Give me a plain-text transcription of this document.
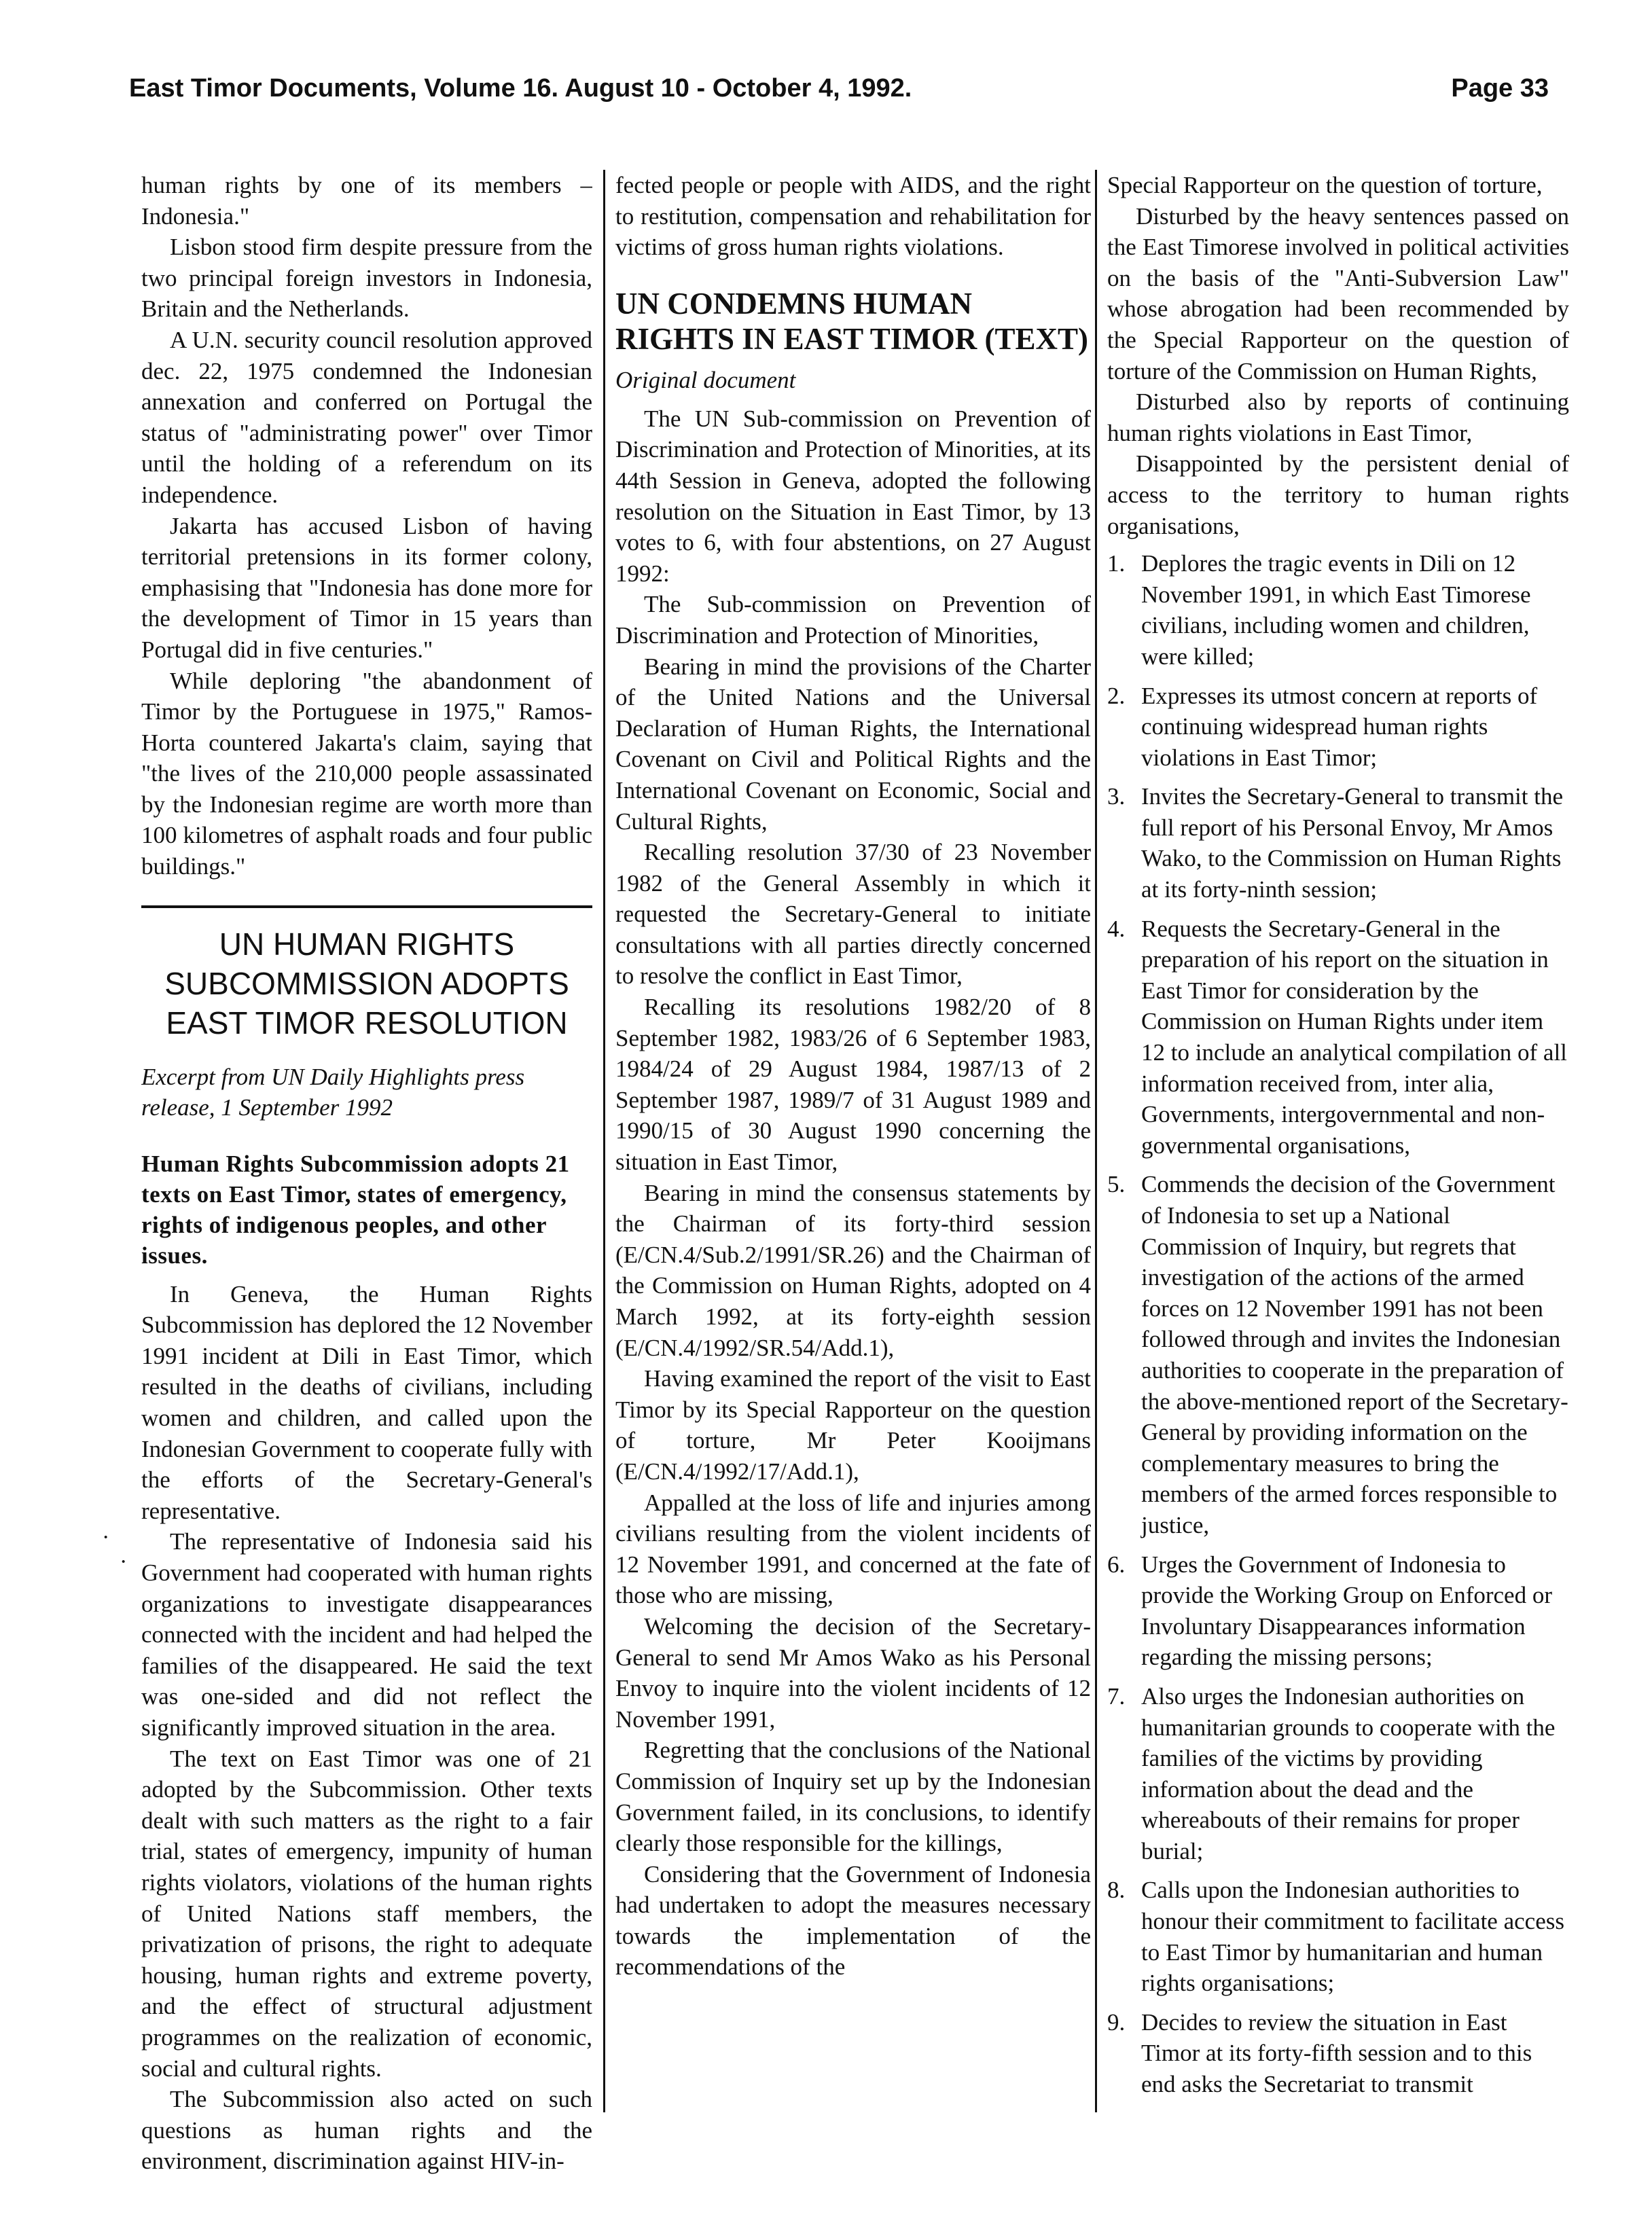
East Timor Documents, Volume 16. August 10 - October 4, 1992.	Page 33
·
·

human rights by one of its members – Indonesia."

Lisbon stood firm despite pressure from the two principal foreign investors in Indonesia, Britain and the Netherlands.

A U.N. security council resolution approved dec. 22, 1975 condemned the Indonesian annexation and conferred on Portugal the status of "administrating power" over Timor until the holding of a referendum on its independence.

Jakarta has accused Lisbon of having territorial pretensions in its former colony, emphasising that "Indonesia has done more for the development of Timor in 15 years than Portugal did in five centuries."

While deploring "the abandonment of Timor by the Portuguese in 1975," Ramos-Horta countered Jakarta's claim, saying that "the lives of the 210,000 people assassinated by the Indonesian regime are worth more than 100 kilometres of asphalt roads and four public buildings."

UN HUMAN RIGHTS SUBCOMMISSION ADOPTS EAST TIMOR RESOLUTION

Excerpt from UN Daily Highlights press release, 1 September 1992

Human Rights Subcommission adopts 21 texts on East Timor, states of emergency, rights of indigenous peoples, and other issues.

In Geneva, the Human Rights Subcommission has deplored the 12 November 1991 incident at Dili in East Timor, which resulted in the deaths of civilians, including women and children, and called upon the Indonesian Government to cooperate fully with the efforts of the Secretary-General's representative.

The representative of Indonesia said his Government had cooperated with human rights organizations to investigate disappearances connected with the incident and had helped the families of the disappeared. He said the text was one-sided and did not reflect the significantly improved situation in the area.

The text on East Timor was one of 21 adopted by the Subcommission. Other texts dealt with such matters as the right to a fair trial, states of emergency, impunity of human rights violators, violations of the human rights of United Nations staff members, the privatization of prisons, the right to adequate housing, human rights and extreme poverty, and the effect of structural adjustment programmes on the realization of economic, social and cultural rights.

The Subcommission also acted on such questions as human rights and the environment, discrimination against HIV-in-

fected people or people with AIDS, and the right to restitution, compensation and rehabilitation for victims of gross human rights violations.

UN CONDEMNS HUMAN RIGHTS IN EAST TIMOR (TEXT)

Original document

The UN Sub-commission on Prevention of Discrimination and Protection of Minorities, at its 44th Session in Geneva, adopted the following resolution on the Situation in East Timor, by 13 votes to 6, with four abstentions, on 27 August 1992:

The Sub-commission on Prevention of Discrimination and Protection of Minorities,

Bearing in mind the provisions of the Charter of the United Nations and the Universal Declaration of Human Rights, the International Covenant on Civil and Political Rights and the International Covenant on Economic, Social and Cultural Rights,

Recalling resolution 37/30 of 23 November 1982 of the General Assembly in which it requested the Secretary-General to initiate consultations with all parties directly concerned to resolve the conflict in East Timor,

Recalling its resolutions 1982/20 of 8 September 1982, 1983/26 of 6 September 1983, 1984/24 of 29 August 1984, 1987/13 of 2 September 1987, 1989/7 of 31 August 1989 and 1990/15 of 30 August 1990 concerning the situation in East Timor,

Bearing in mind the consensus statements by the Chairman of its forty-third session (E/CN.4/Sub.2/1991/SR.26) and the Chairman of the Commission on Human Rights, adopted on 4 March 1992, at its forty-eighth session (E/CN.4/1992/SR.54/Add.1),

Having examined the report of the visit to East Timor by its Special Rapporteur on the question of torture, Mr Peter Kooijmans (E/CN.4/1992/17/Add.1),

Appalled at the loss of life and injuries among civilians resulting from the violent incidents of 12 November 1991, and concerned at the fate of those who are missing,

Welcoming the decision of the Secretary-General to send Mr Amos Wako as his Personal Envoy to inquire into the violent incidents of 12 November 1991,

Regretting that the conclusions of the National Commission of Inquiry set up by the Indonesian Government failed, in its conclusions, to identify clearly those responsible for the killings,

Considering that the Government of Indonesia had undertaken to adopt the measures necessary towards the implementation of the recommendations of the

Special Rapporteur on the question of torture,

Disturbed by the heavy sentences passed on the East Timorese involved in political activities on the basis of the "Anti-Subversion Law" whose abrogation had been recommended by the Special Rapporteur on the question of torture of the Commission on Human Rights,

Disturbed also by reports of continuing human rights violations in East Timor,

Disappointed by the persistent denial of access to the territory to human rights organisations,

1. Deplores the tragic events in Dili on 12 November 1991, in which East Timorese civilians, including women and children, were killed;
2. Expresses its utmost concern at reports of continuing widespread human rights violations in East Timor;
3. Invites the Secretary-General to transmit the full report of his Personal Envoy, Mr Amos Wako, to the Commission on Human Rights at its forty-ninth session;
4. Requests the Secretary-General in the preparation of his report on the situation in East Timor for consideration by the Commission on Human Rights under item 12 to include an analytical compilation of all information received from, inter alia, Governments, intergovernmental and non-governmental organisations,
5. Commends the decision of the Government of Indonesia to set up a National Commission of Inquiry, but regrets that investigation of the actions of the armed forces on 12 November 1991 has not been followed through and invites the Indonesian authorities to cooperate in the preparation of the above-mentioned report of the Secretary-General by providing information on the complementary measures to bring the members of the armed forces responsible to justice,
6. Urges the Government of Indonesia to provide the Working Group on Enforced or Involuntary Disappearances information regarding the missing persons;
7. Also urges the Indonesian authorities on humanitarian grounds to cooperate with the families of the victims by providing information about the dead and the whereabouts of their remains for proper burial;
8. Calls upon the Indonesian authorities to honour their commitment to facilitate access to East Timor by humanitarian and human rights organisations;
9. Decides to review the situation in East Timor at its forty-fifth session and to this end asks the Secretariat to transmit
